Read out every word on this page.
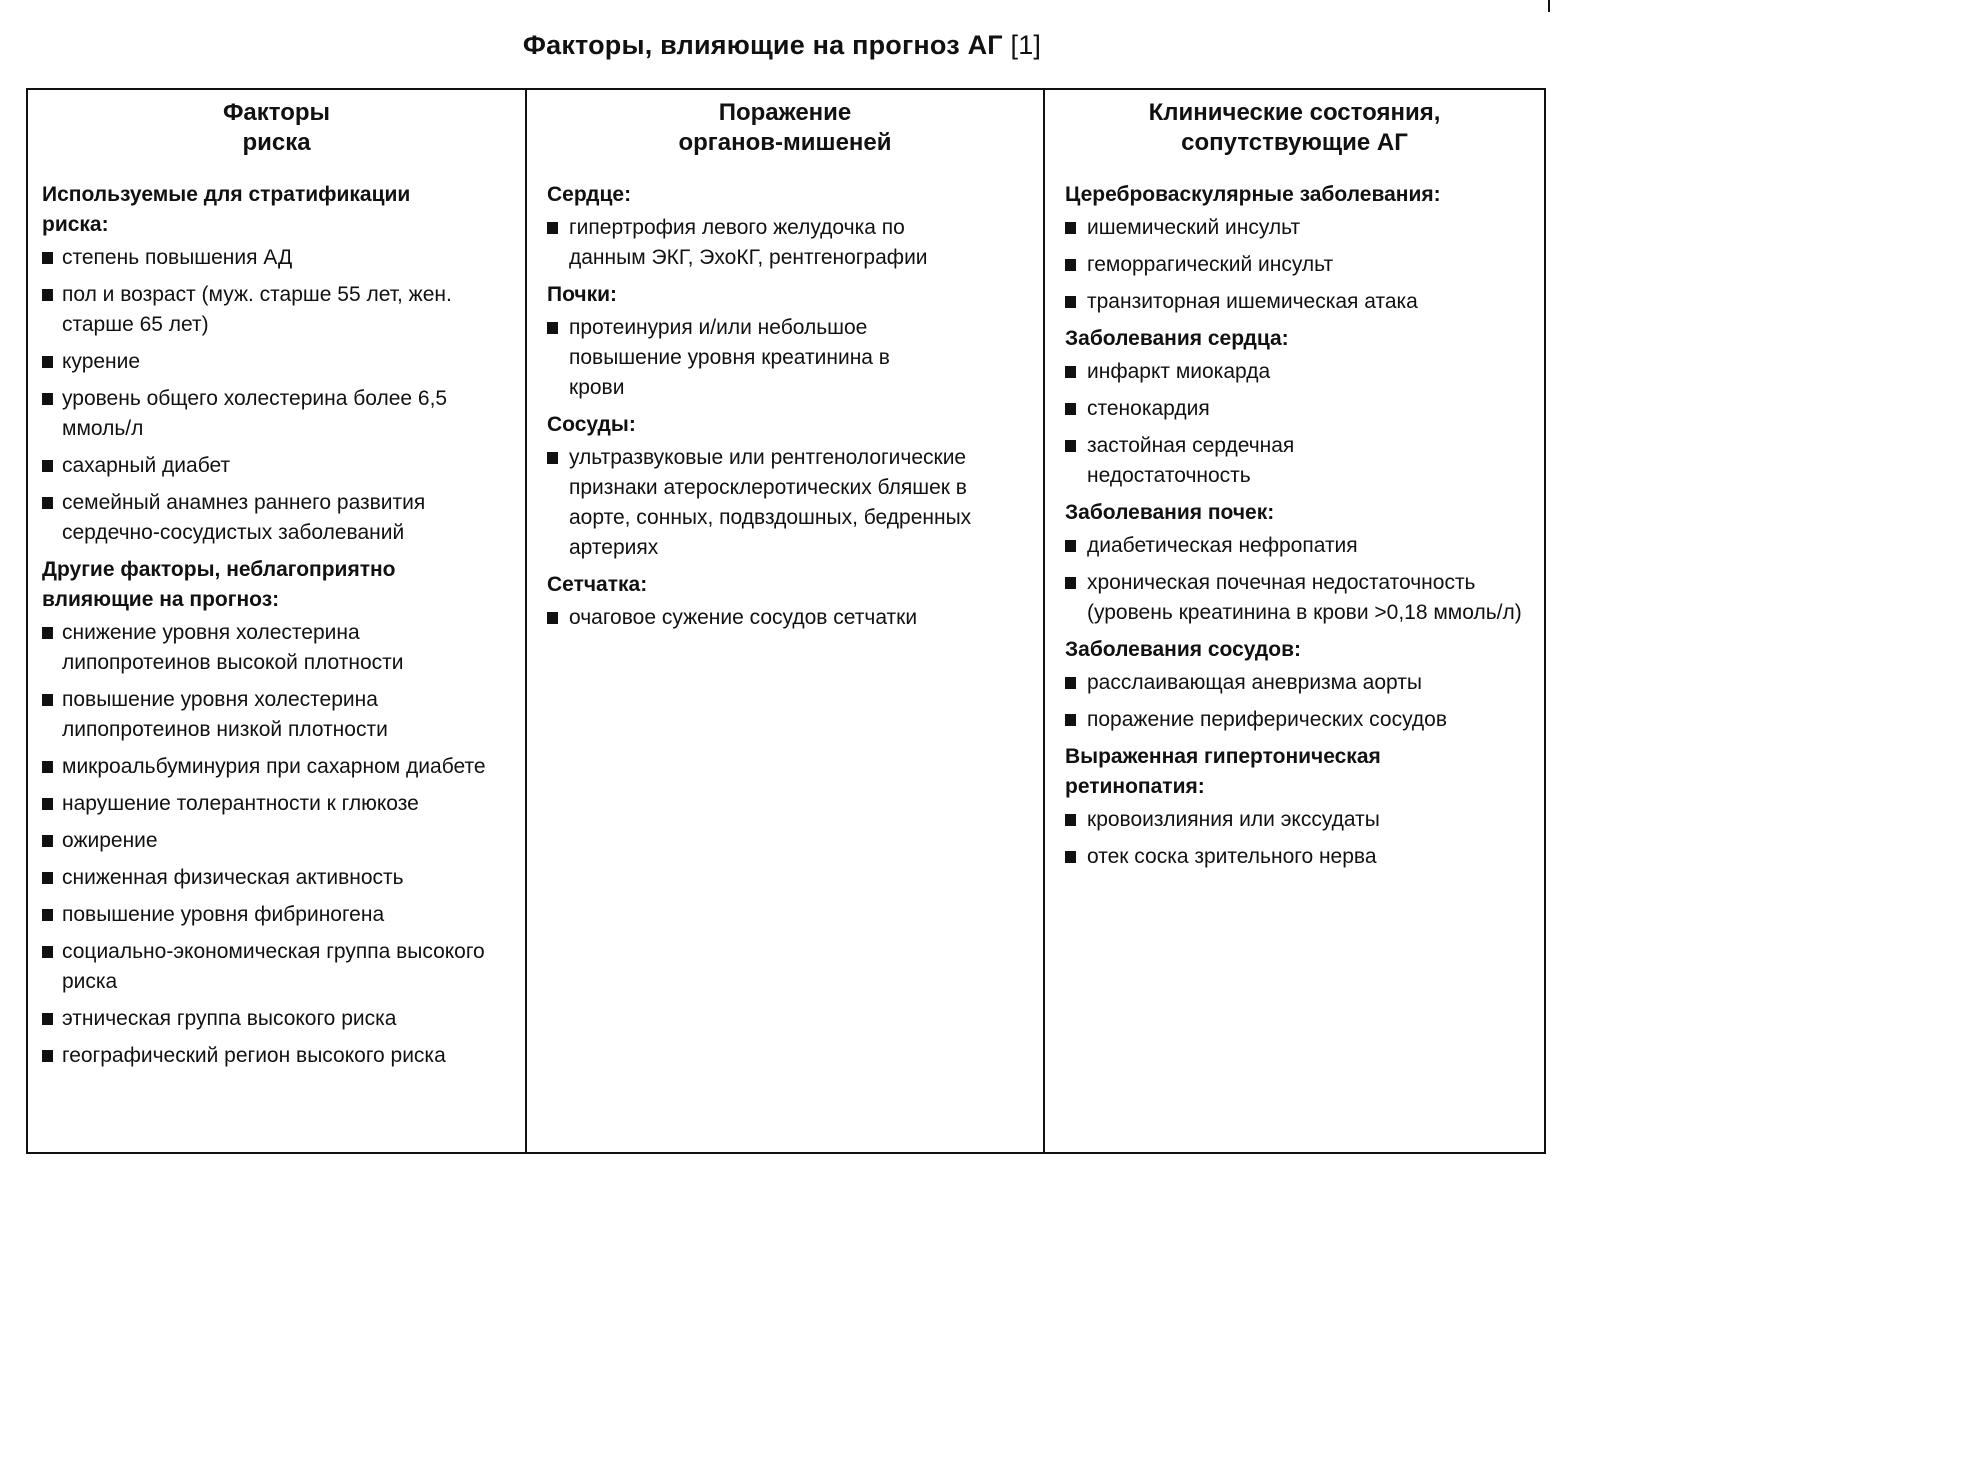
Факторы, влияющие на прогноз АГ [1]
Факторы
риска
Используемые для стратификации риска:
степень повышения АД
пол и возраст (муж. старше 55 лет, жен. старше 65 лет)
курение
уровень общего холестерина более 6,5 ммоль/л
сахарный диабет
семейный анамнез раннего развития сердечно-сосудистых заболеваний
Другие факторы, неблагоприятно влияющие на прогноз:
снижение уровня холестерина липопротеинов высокой плотности
повышение уровня холестерина липопротеинов низкой плотности
микроальбуминурия при сахарном диабете
нарушение толерантности к глюкозе
ожирение
сниженная физическая активность
повышение уровня фибриногена
социально-экономическая группа высокого риска
этническая группа высокого риска
географический регион высокого риска
Поражение
органов-мишеней
Сердце:
гипертрофия левого желудочка по данным ЭКГ, ЭхоКГ, рентгенографии
Почки:
протеинурия и/или небольшое повышение уровня креатинина в крови
Сосуды:
ультразвуковые или рентгенологические признаки атеросклеротических бляшек в аорте, сонных, подвздошных, бедренных артериях
Сетчатка:
очаговое сужение сосудов сетчатки
Клинические состояния,
сопутствующие АГ
Цереброваскулярные заболевания:
ишемический инсульт
геморрагический инсульт
транзиторная ишемическая атака
Заболевания сердца:
инфаркт миокарда
стенокардия
застойная сердечная недостаточность
Заболевания почек:
диабетическая нефропатия
хроническая почечная недостаточность (уровень креатинина в крови >0,18 ммоль/л)
Заболевания сосудов:
расслаивающая аневризма аорты
поражение периферических сосудов
Выраженная гипертоническая ретинопатия:
кровоизлияния или экссудаты
отек соска зрительного нерва
